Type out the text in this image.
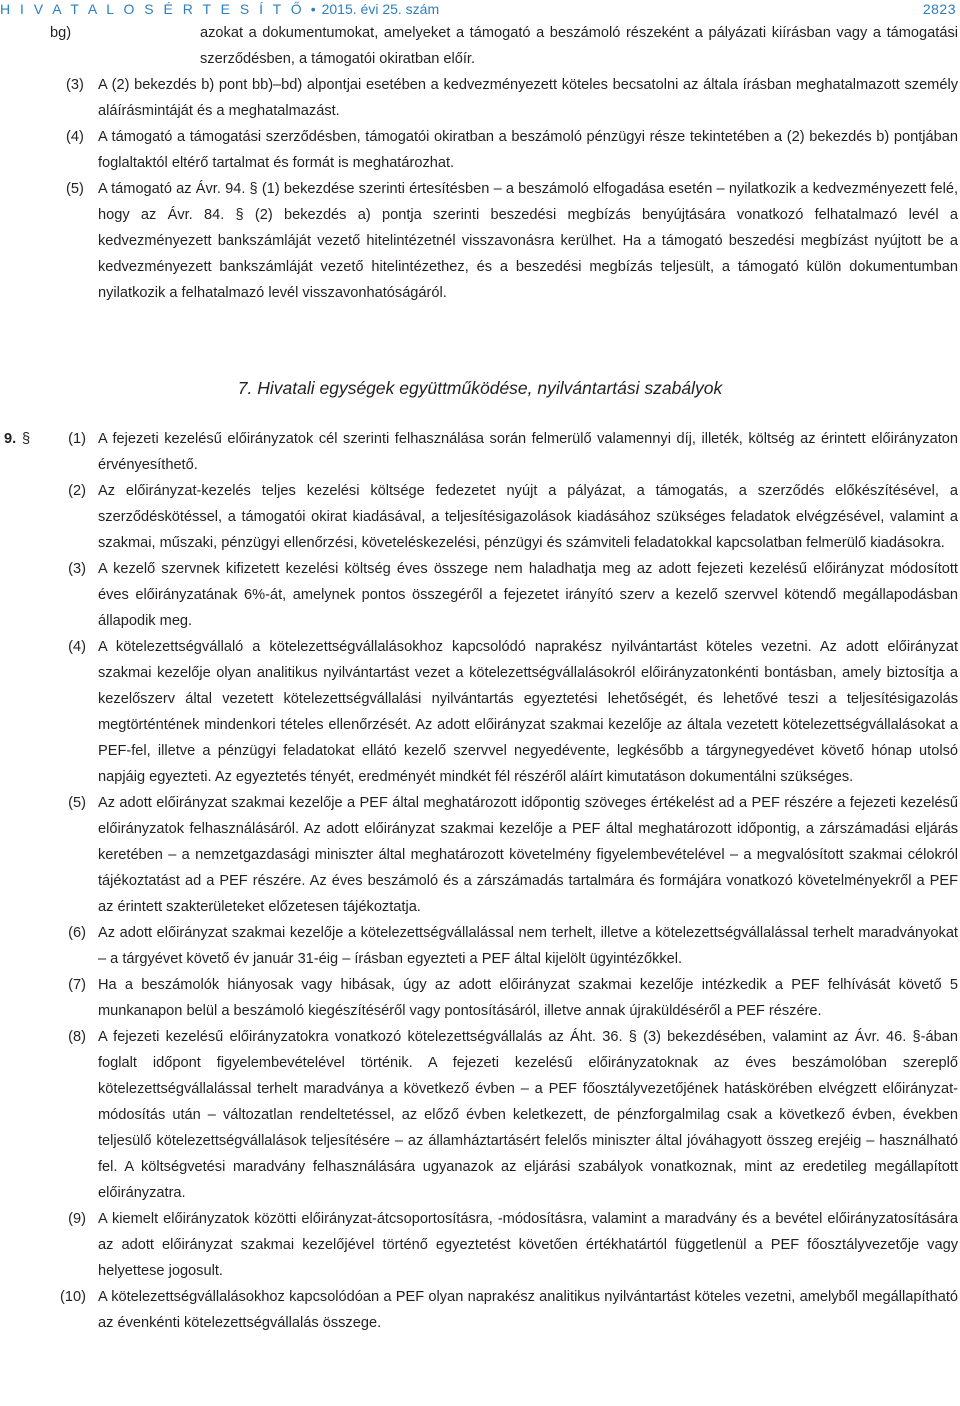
H I V A T A L O S É R T E S Í T Ő • 2015. évi 25. szám	2823
bg)	azokat a dokumentumokat, amelyeket a támogató a beszámoló részeként a pályázati kiírásban vagy a támogatási szerződésben, a támogatói okiratban előír.
(3) A (2) bekezdés b) pont bb)–bd) alpontjai esetében a kedvezményezett köteles becsatolni az általa írásban meghatalmazott személy aláírásmintáját és a meghatalmazást.
(4) A támogató a támogatási szerződésben, támogatói okiratban a beszámoló pénzügyi része tekintetében a (2) bekezdés b) pontjában foglaltaktól eltérő tartalmat és formát is meghatározhat.
(5) A támogató az Ávr. 94. § (1) bekezdése szerinti értesítésben – a beszámoló elfogadása esetén – nyilatkozik a kedvezményezett felé, hogy az Ávr. 84. § (2) bekezdés a) pontja szerinti beszedési megbízás benyújtására vonatkozó felhatalmazó levél a kedvezményezett bankszámláját vezető hitelintézetnél visszavonásra kerülhet. Ha a támogató beszedési megbízást nyújtott be a kedvezményezett bankszámláját vezető hitelintézethez, és a beszedési megbízás teljesült, a támogató külön dokumentumban nyilatkozik a felhatalmazó levél visszavonhatóságáról.
7. Hivatali egységek együttműködése, nyilvántartási szabályok
9. §	(1) A fejezeti kezelésű előirányzatok cél szerinti felhasználása során felmerülő valamennyi díj, illeték, költség az érintett előirányzaton érvényesíthető.
(2) Az előirányzat-kezelés teljes kezelési költsége fedezetet nyújt a pályázat, a támogatás, a szerződés előkészítésével, a szerződéskötéssel, a támogatói okirat kiadásával, a teljesítésigazolások kiadásához szükséges feladatok elvégzésével, valamint a szakmai, műszaki, pénzügyi ellenőrzési, követeléskezelési, pénzügyi és számviteli feladatokkal kapcsolatban felmerülő kiadásokra.
(3) A kezelő szervnek kifizetett kezelési költség éves összege nem haladhatja meg az adott fejezeti kezelésű előirányzat módosított éves előirányzatának 6%-át, amelynek pontos összegéről a fejezetet irányító szerv a kezelő szervvel kötendő megállapodásban állapodik meg.
(4) A kötelezettségvállaló a kötelezettségvállalásokhoz kapcsolódó naprakész nyilvántartást köteles vezetni. Az adott előirányzat szakmai kezelője olyan analitikus nyilvántartást vezet a kötelezettségvállalásokról előirányzatonkénti bontásban, amely biztosítja a kezelőszerv által vezetett kötelezettségvállalási nyilvántartás egyeztetési lehetőségét, és lehetővé teszi a teljesítésigazolás megtörténtének mindenkori tételes ellenőrzését. Az adott előirányzat szakmai kezelője az általa vezetett kötelezettségvállalásokat a PEF-fel, illetve a pénzügyi feladatokat ellátó kezelő szervvel negyedévente, legkésőbb a tárgynegyedévet követő hónap utolsó napjáig egyezteti. Az egyeztetés tényét, eredményét mindkét fél részéről aláírt kimutatáson dokumentálni szükséges.
(5) Az adott előirányzat szakmai kezelője a PEF által meghatározott időpontig szöveges értékelést ad a PEF részére a fejezeti kezelésű előirányzatok felhasználásáról. Az adott előirányzat szakmai kezelője a PEF által meghatározott időpontig, a zárszámadási eljárás keretében – a nemzetgazdasági miniszter által meghatározott követelmény figyelembevételével – a megvalósított szakmai célokról tájékoztatást ad a PEF részére. Az éves beszámoló és a zárszámadás tartalmára és formájára vonatkozó követelményekről a PEF az érintett szakterületeket előzetesen tájékoztatja.
(6) Az adott előirányzat szakmai kezelője a kötelezettségvállalással nem terhelt, illetve a kötelezettségvállalással terhelt maradványokat – a tárgyévet követő év január 31-éig – írásban egyezteti a PEF által kijelölt ügyintézőkkel.
(7) Ha a beszámolók hiányosak vagy hibásak, úgy az adott előirányzat szakmai kezelője intézkedik a PEF felhívását követő 5 munkanapon belül a beszámoló kiegészítéséről vagy pontosításáról, illetve annak újraküldéséről a PEF részére.
(8) A fejezeti kezelésű előirányzatokra vonatkozó kötelezettségvállalás az Áht. 36. § (3) bekezdésében, valamint az Ávr. 46. §-ában foglalt időpont figyelembevételével történik. A fejezeti kezelésű előirányzatoknak az éves beszámolóban szereplő kötelezettségvállalással terhelt maradványa a következő évben – a PEF főosztályvezetőjének hatáskörében elvégzett előirányzat-módosítás után – változatlan rendeltetéssel, az előző évben keletkezett, de pénzforgalmilag csak a következő évben, években teljesülő kötelezettségvállalások teljesítésére – az államháztartásért felelős miniszter által jóváhagyott összeg erejéig – használható fel. A költségvetési maradvány felhasználására ugyanazok az eljárási szabályok vonatkoznak, mint az eredetileg megállapított előirányzatra.
(9) A kiemelt előirányzatok közötti előirányzat-átcsoportosításra, -módosításra, valamint a maradvány és a bevétel előirányzatosítására az adott előirányzat szakmai kezelőjével történő egyeztetést követően értékhatártól függetlenül a PEF főosztályvezetője vagy helyettese jogosult.
(10) A kötelezettségvállalásokhoz kapcsolódóan a PEF olyan naprakész analitikus nyilvántartást köteles vezetni, amelyből megállapítható az évenkénti kötelezettségvállalás összege.
